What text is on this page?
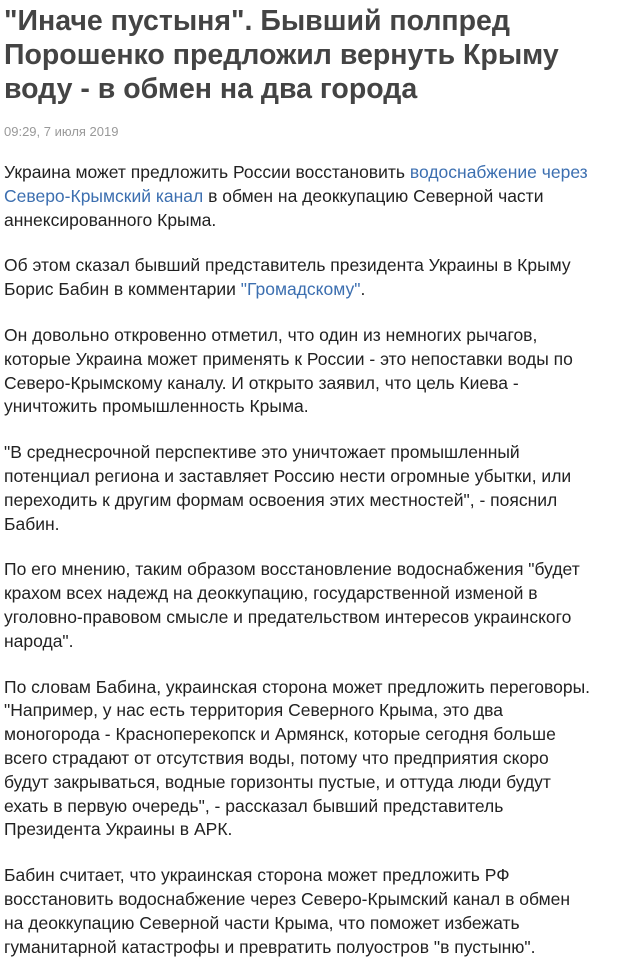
"Иначе пустыня". Бывший полпред
Порошенко предложил вернуть Крыму
воду - в обмен на два города
09:29, 7 июля 2019

Украина может предложить России восстановить водоснабжение через
Северо-Крымский канал в обмен на деоккупацию Северной части
аннексированного Крыма.

Об этом сказал бывший представитель президента Украины в Крыму
Борис Бабин в комментарии "Громадскому".

Он довольно откровенно отметил, что один из немногих рычагов,
которые Украина может применять к России - это непоставки воды по
Северо-Крымскому каналу. И открыто заявил, что цель Киева -
уничтожить промышленность Крыма.

"В среднесрочной перспективе это уничтожает промышленный
потенциал региона и заставляет Россию нести огромные убытки, или
переходить к другим формам освоения этих местностей", - пояснил
Бабин.

По его мнению, таким образом восстановление водоснабжения "будет
крахом всех надежд на деоккупацию, государственной изменой в
уголовно-правовом смысле и предательством интересов украинского
народа".

По словам Бабина, украинская сторона может предложить переговоры.
"Например, у нас есть территория Северного Крыма, это два
моногорода - Красноперекопск и Армянск, которые сегодня больше
всего страдают от отсутствия воды, потому что предприятия скоро
будут закрываться, водные горизонты пустые, и оттуда люди будут
ехать в первую очередь", - рассказал бывший представитель
Президента Украины в АРК.

Бабин считает, что украинская сторона может предложить РФ
восстановить водоснабжение через Северо-Крымский канал в обмен
на деоккупацию Северной части Крыма, что поможет избежать
гуманитарной катастрофы и превратить полуостров "в пустыню".
